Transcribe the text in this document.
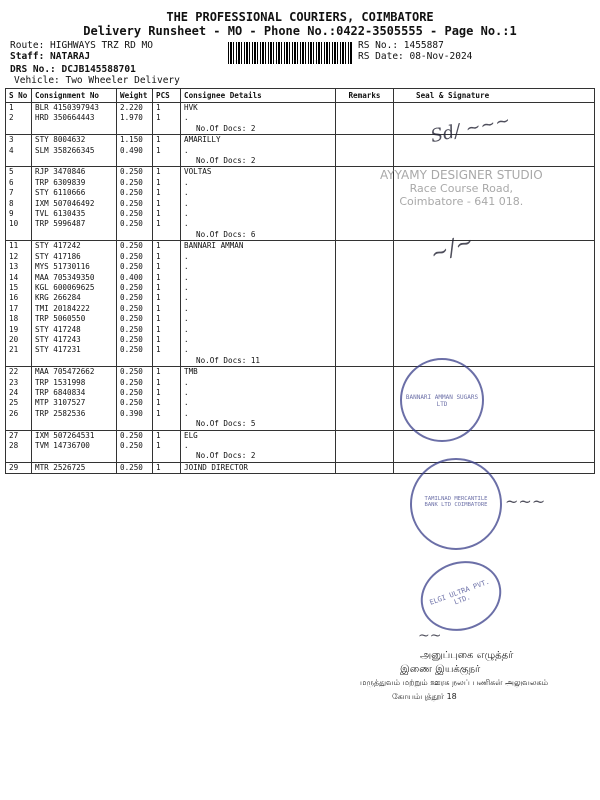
THE PROFESSIONAL COURIERS, COIMBATORE
Delivery Runsheet - MO - Phone No.:0422-3505555 - Page No.:1
Route: HIGHWAYS TRZ RD MO
Staff: NATARAJ
DRS No.: DCJB145588701
Vehicle: Two Wheeler Delivery
RS No.: 1455887
RS Date: 08-Nov-2024
S No	Consignment No	Weight	PCS	Consignee Details	Remarks	Seal & Signature
1	BLR 4150397943	2.220	1	HVK		

2	HRD 350664443	1.970	1	.		
				No.Of Docs: 2		
3	STY 8004632	1.150	1	AMARILLY		

4	SLM 358266345	0.490	1	.		
				No.Of Docs: 2		
5	RJP 3470846	0.250	1	VOLTAS		

6	TRP 6309839	0.250	1	.		
7	STY 6110666	0.250	1	.		
8	IXM 507046492	0.250	1	.		
9	TVL 6130435	0.250	1	.		
10	TRP 5996487	0.250	1	.		
				No.Of Docs: 6		
11	STY 417242	0.250	1	BANNARI AMMAN		

12	STY 417186	0.250	1	.		
13	MYS 51730116	0.250	1	.		
14	MAA 705349350	0.400	1	.		
15	KGL 600069625	0.250	1	.		
16	KRG 266284	0.250	1	.		
17	TMI 20184222	0.250	1	.		
18	TRP 5060550	0.250	1	.		
19	STY 417248	0.250	1	.		
20	STY 417243	0.250	1	.		
21	STY 417231	0.250	1	.		
				No.Of Docs: 11		
22	MAA 705472662	0.250	1	TMB		

23	TRP 1531998	0.250	1	.		
24	TRP 6840834	0.250	1	.		
25	MTP 3107527	0.250	1	.		
26	TRP 2582536	0.390	1	.		
				No.Of Docs: 5		
27	IXM 507264531	0.250	1	ELG		

28	TVM 14736700	0.250	1	.		
				No.Of Docs: 2		
29	MTR 2526725	0.250	1	JOIND DIRECTOR		

Sd/ ~~~
AYYAMY DESIGNER STUDIO
Race Course Road,
Coimbatore - 641 018.
~/~
BANNARI AMMAN SUGARS LTD
TAMILNAD MERCANTILE BANK LTD COIMBATORE	~~~
ELGI ULTRA PVT. LTD.
~~
அனுப்புகை எழுத்தர்
இணை இயக்குநர்
மருத்துவம் மற்றும் ஊரக நலப் பணிகள் அலுவலகம்
கோயம்புத்தூர் 18
